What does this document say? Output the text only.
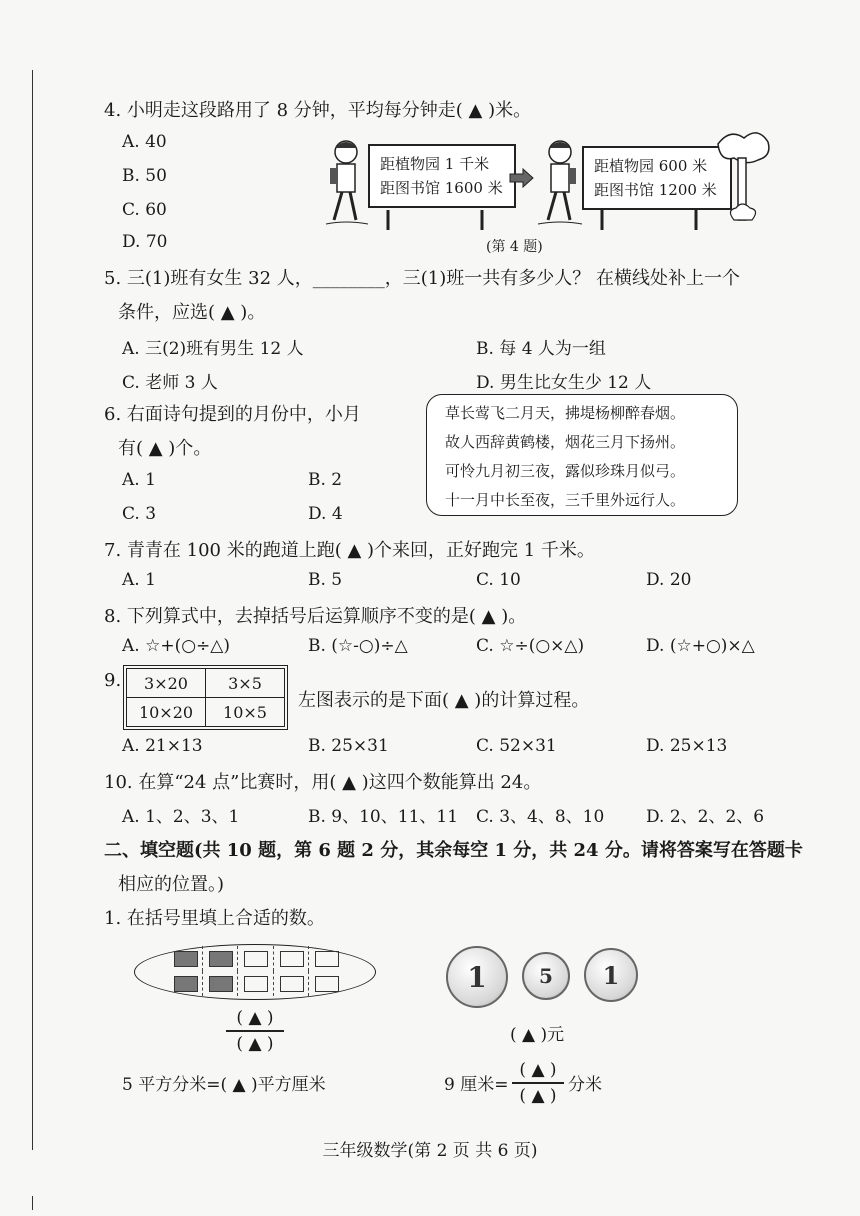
4. 小明走这段路用了 8 分钟，平均每分钟走( ▲ )米。
A. 40
B. 50
C. 60
D. 70
距植物园 1 千米
距图书馆 1600 米
距植物园 600 米
距图书馆 1200 米
(第 4 题)
5. 三(1)班有女生 32 人，________，三(1)班一共有多少人？ 在横线处补上一个
条件，应选( ▲ )。
A. 三(2)班有男生 12 人	B. 每 4 人为一组
C. 老师 3 人	D. 男生比女生少 12 人
6. 右面诗句提到的月份中，小月
有( ▲ )个。
A. 1	B. 2
C. 3	D. 4
草长莺飞二月天，拂堤杨柳醉春烟。
故人西辞黄鹤楼，烟花三月下扬州。
可怜九月初三夜，露似珍珠月似弓。
十一月中长至夜，三千里外远行人。
7. 青青在 100 米的跑道上跑( ▲ )个来回，正好跑完 1 千米。
A. 1	B. 5	C. 10	D. 20
8. 下列算式中，去掉括号后运算顺序不变的是( ▲ )。
A. ☆+(○÷△)	B. (☆-○)÷△	C. ☆÷(○×△)	D. (☆+○)×△
9. 3×20	3×5
10×20	10×5
左图表示的是下面( ▲ )的计算过程。
A. 21×13	B. 25×31	C. 52×31	D. 25×13
10. 在算“24 点”比赛时，用( ▲ )这四个数能算出 24。
A. 1、2、3、1	B. 9、10、11、11 C. 3、4、8、10 D. 2、2、2、6
二、填空题(共 10 题，第 6 题 2 分，其余每空 1 分，共 24 分。请将答案写在答题卡
相应的位置。)
1. 在括号里填上合适的数。
( ▲ )
( ▲ )
1	5	1
( ▲ )元
5 平方分米=( ▲ )平方厘米	9 厘米=
( ▲ )
( ▲ )
分米
三年级数学(第 2 页 共 6 页)
